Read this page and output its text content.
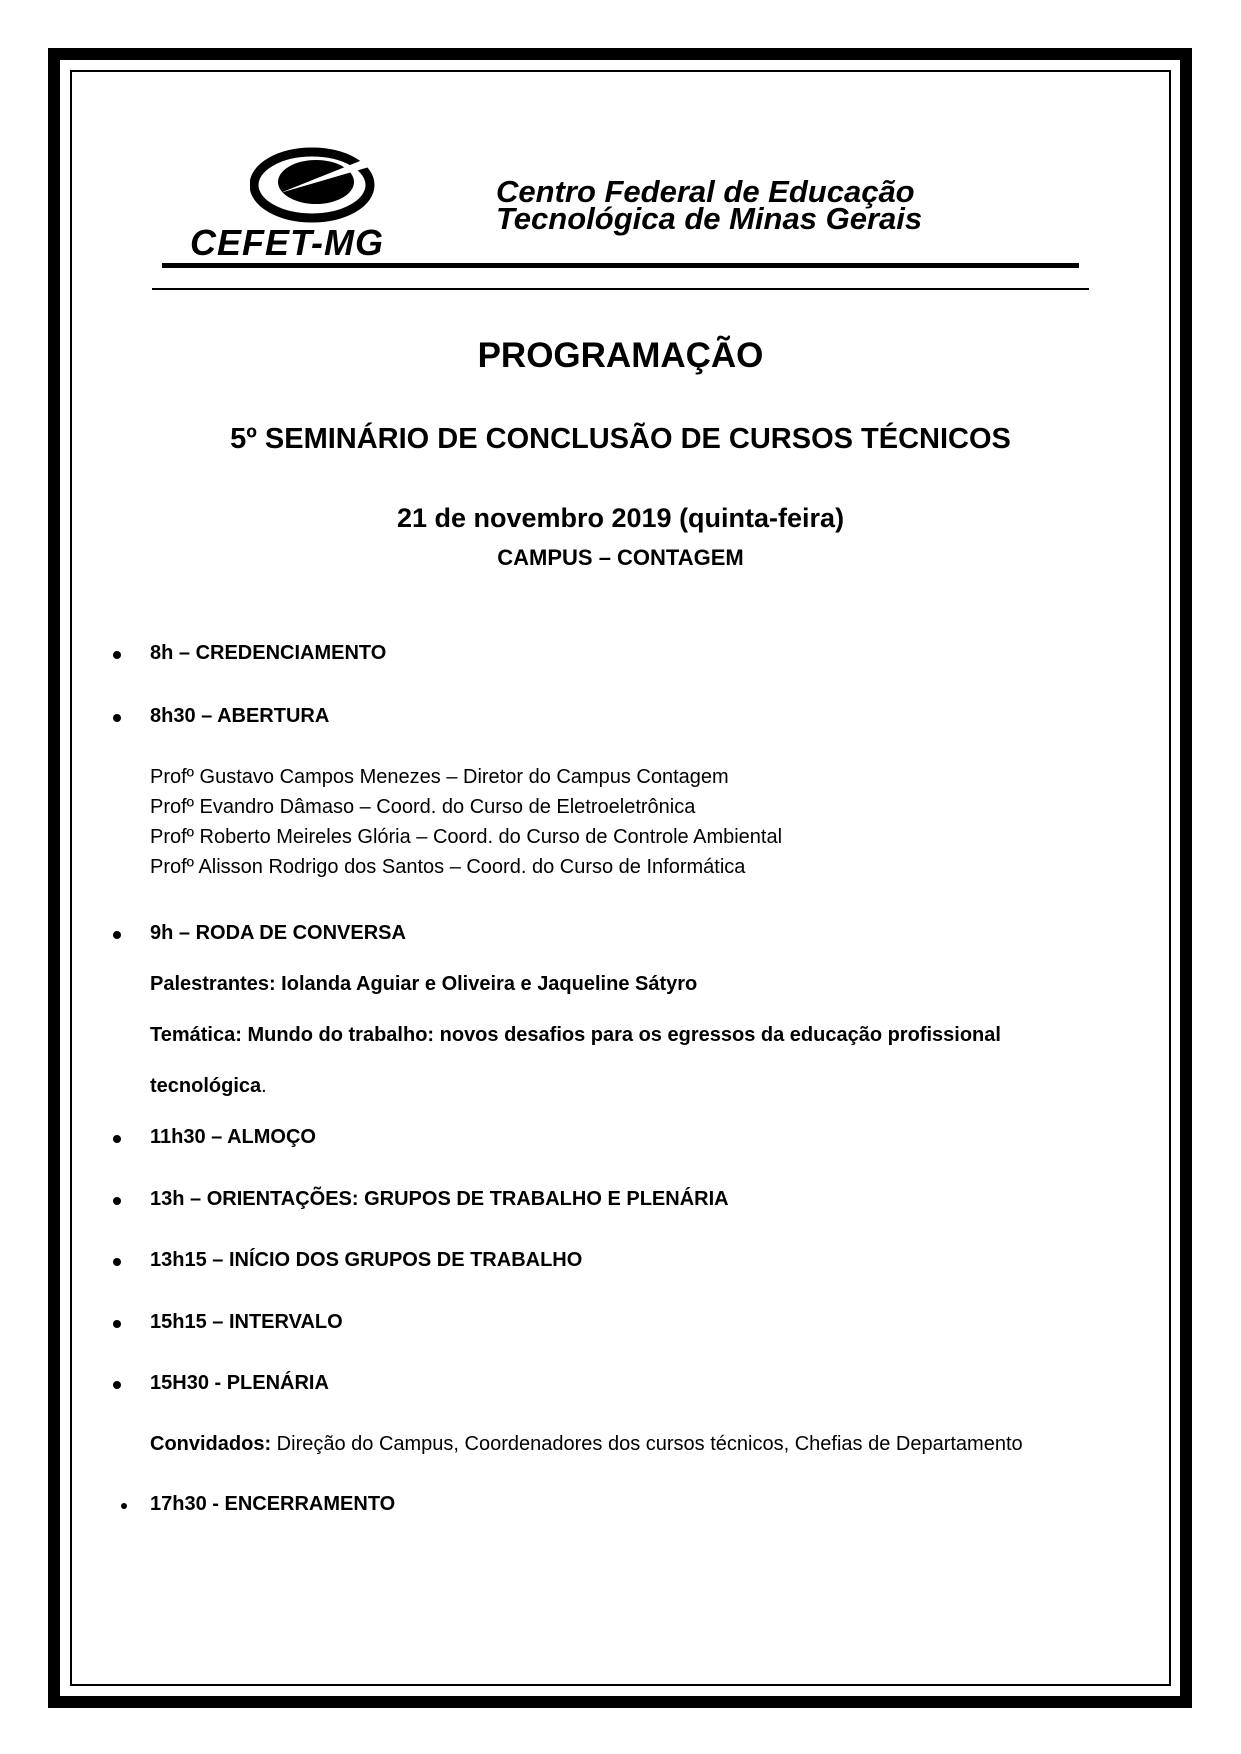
CEFET-MG
Centro Federal de Educação
Tecnológica de Minas Gerais
PROGRAMAÇÃO
5º SEMINÁRIO DE CONCLUSÃO DE CURSOS TÉCNICOS
21 de novembro 2019 (quinta-feira)
CAMPUS – CONTAGEM
8h – CREDENCIAMENTO
8h30 – ABERTURA
Profº Gustavo Campos Menezes – Diretor do Campus Contagem
Profº Evandro Dâmaso – Coord. do Curso de Eletroeletrônica
Profº Roberto Meireles Glória – Coord. do Curso de Controle Ambiental
Profº Alisson Rodrigo dos Santos – Coord. do Curso de Informática
9h – RODA DE CONVERSA
Palestrantes: Iolanda Aguiar e Oliveira e Jaqueline Sátyro
Temática: Mundo do trabalho: novos desafios para os egressos da educação profissional
tecnológica.
11h30 – ALMOÇO
13h – ORIENTAÇÕES: GRUPOS DE TRABALHO E PLENÁRIA
13h15 – INÍCIO DOS GRUPOS DE TRABALHO
15h15 – INTERVALO
15H30 - PLENÁRIA
Convidados: Direção do Campus, Coordenadores dos cursos técnicos, Chefias de Departamento
17h30 - ENCERRAMENTO
